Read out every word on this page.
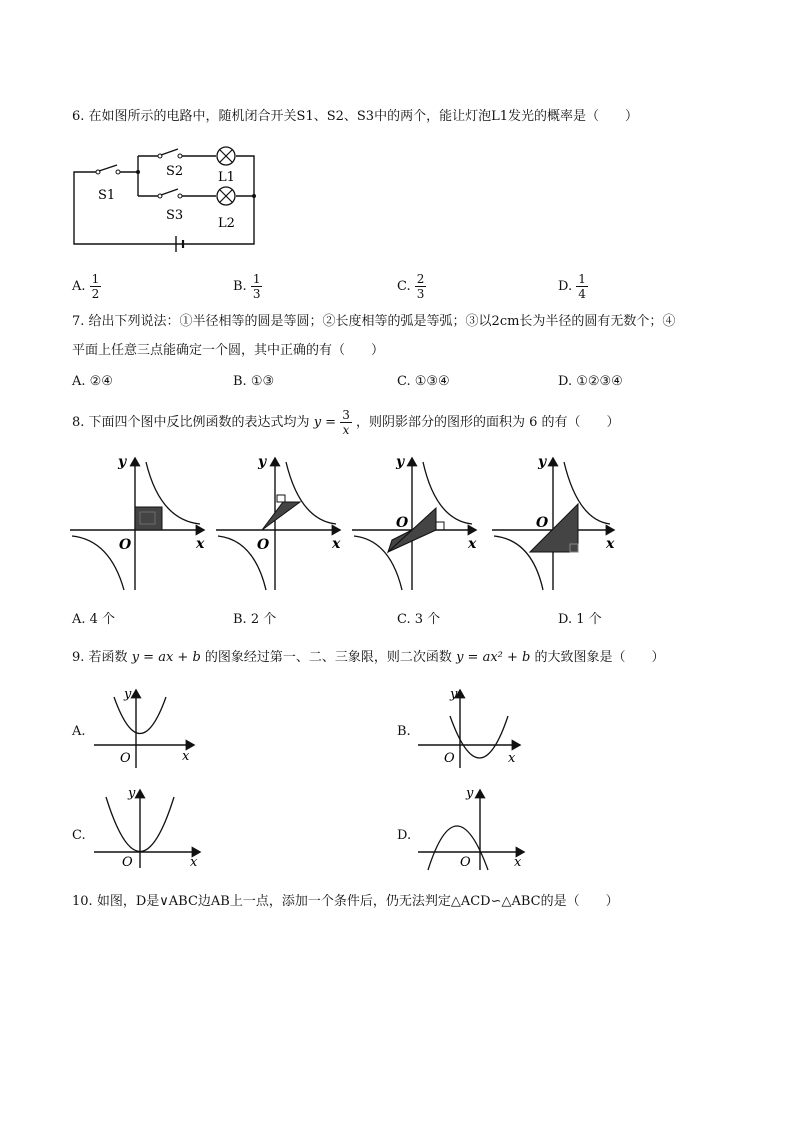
6. 在如图所示的电路中，随机闭合开关S1、S2、S3中的两个，能让灯泡L1发光的概率是（　　）
S1
S2	L1
S3
L2
A. $\frac{1}{2}$	B. $\frac{1}{3}$	C. $\frac{2}{3}$	D. $\frac{1}{4}$
7. 给出下列说法：①半径相等的圆是等圆；②长度相等的弧是等弧；③以2cm长为半径的圆有无数个；④
平面上任意三点能确定一个圆，其中正确的有（　　）
A. ②④	B. ①③	C. ①③④	D. ①②③④
8. 下面四个图中反比例函数的表达式均为 $y = \frac{3}{x}$ ，则阴影部分的图形的面积为 6 的有（　　）
y
x
O
y
x
O
y
x
O
y
x
O
A. 4 个	B. 2 个	C. 3 个	D. 1 个
9. 若函数 y = ax + b 的图象经过第一、二、三象限，则二次函数 y = ax² + b 的大致图象是（　　）
A.	B.
C.	D.
y
x
O
y
x
O
y
x
O
y
x
O
10. 如图，D是∨ABC边AB上一点，添加一个条件后，仍无法判定△ACD∽△ABC的是（　　）
